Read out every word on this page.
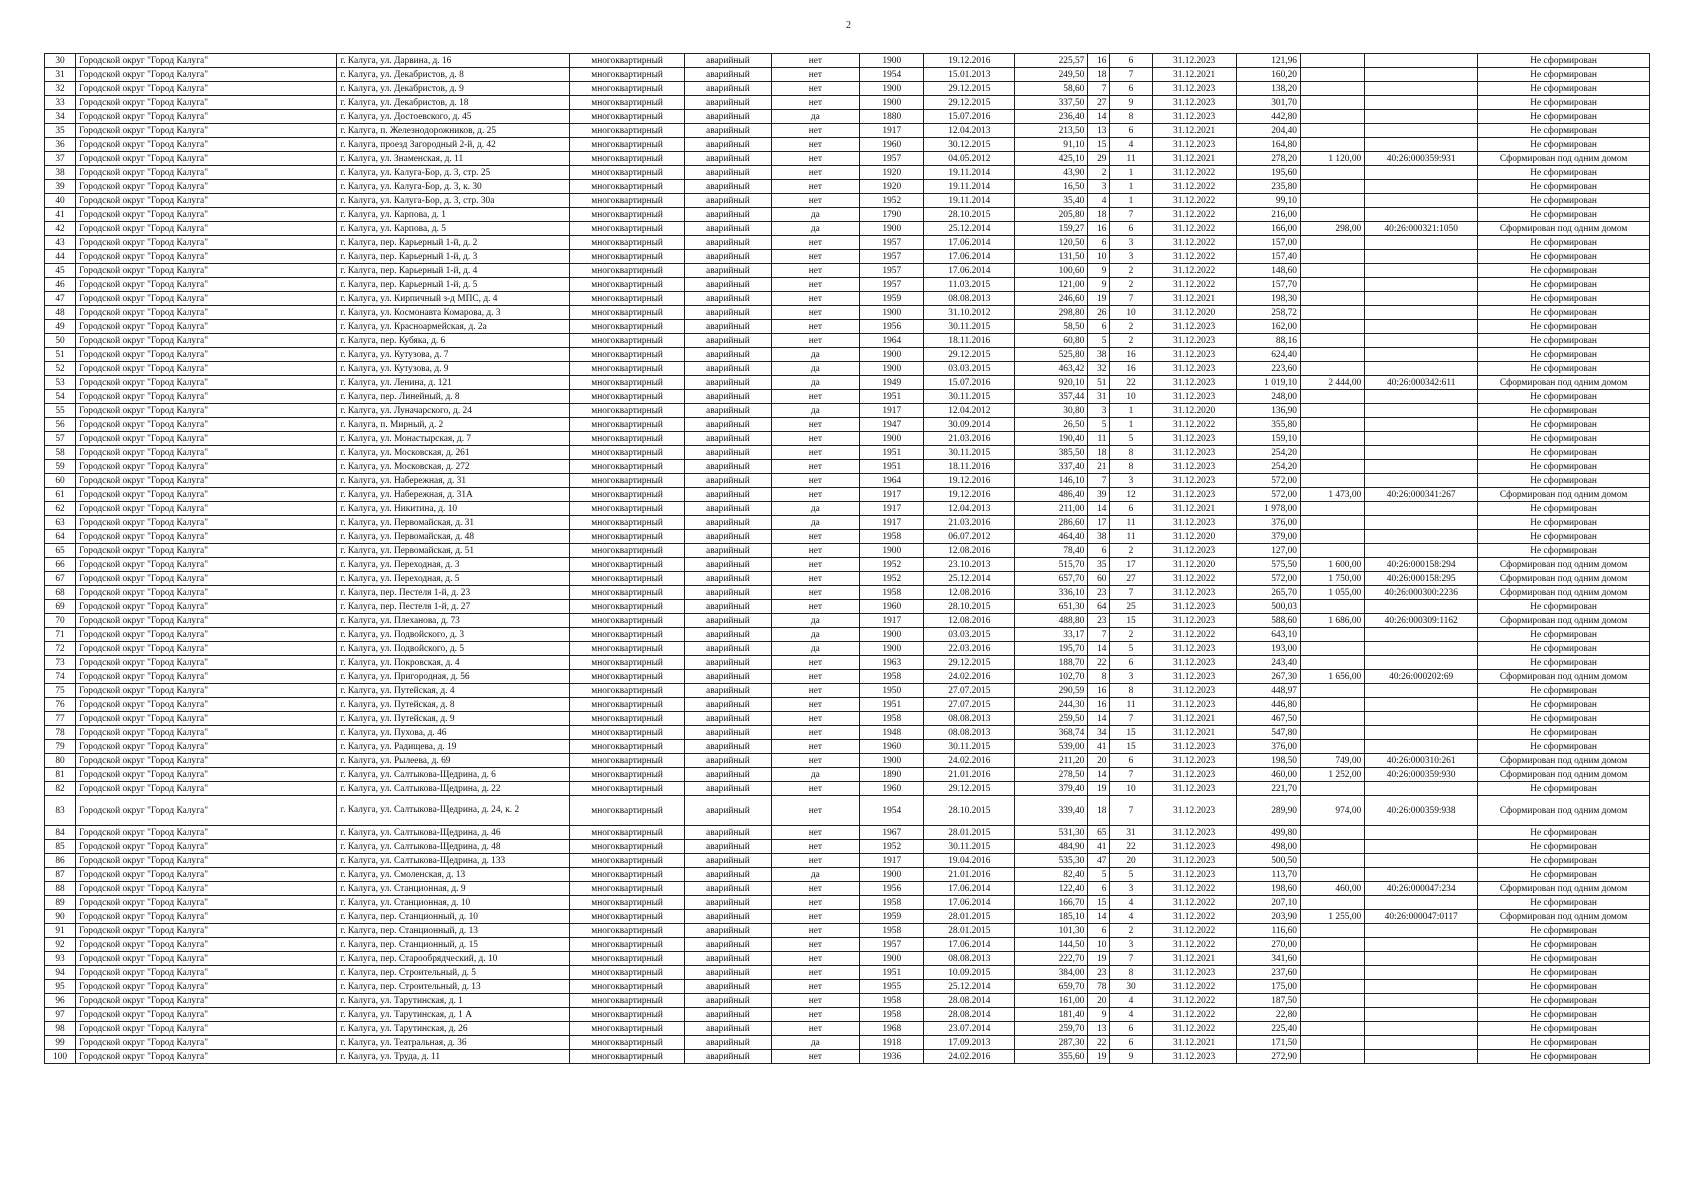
2
30	Городской округ "Город Калуга"	г. Калуга, ул. Дарвина, д. 16	многоквартирный	аварийный	нет	1900	19.12.2016	225,57	16	6	31.12.2023	121,96			Не сформирован
31	Городской округ "Город Калуга"	г. Калуга, ул. Декабристов, д. 8	многоквартирный	аварийный	нет	1954	15.01.2013	249,50	18	7	31.12.2021	160,20			Не сформирован
32	Городской округ "Город Калуга"	г. Калуга, ул. Декабристов, д. 9	многоквартирный	аварийный	нет	1900	29.12.2015	58,60	7	6	31.12.2023	138,20			Не сформирован
33	Городской округ "Город Калуга"	г. Калуга, ул. Декабристов, д. 18	многоквартирный	аварийный	нет	1900	29.12.2015	337,50	27	9	31.12.2023	301,70			Не сформирован
34	Городской округ "Город Калуга"	г. Калуга, ул. Достоевского, д. 45	многоквартирный	аварийный	да	1880	15.07.2016	236,40	14	8	31.12.2023	442,80			Не сформирован
35	Городской округ "Город Калуга"	г. Калуга, п. Железнодорожников, д. 25	многоквартирный	аварийный	нет	1917	12.04.2013	213,50	13	6	31.12.2021	204,40			Не сформирован
36	Городской округ "Город Калуга"	г. Калуга, проезд Загородный 2-й, д. 42	многоквартирный	аварийный	нет	1960	30.12.2015	91,10	15	4	31.12.2023	164,80			Не сформирован
37	Городской округ "Город Калуга"	г. Калуга, ул. Знаменская, д. 11	многоквартирный	аварийный	нет	1957	04.05.2012	425,10	29	11	31.12.2021	278,20	1 120,00	40:26:000359:931	Сформирован под одним домом
38	Городской округ "Город Калуга"	г. Калуга, ул. Калуга-Бор, д. 3, стр. 25	многоквартирный	аварийный	нет	1920	19.11.2014	43,90	2	1	31.12.2022	195,60			Не сформирован
39	Городской округ "Город Калуга"	г. Калуга, ул. Калуга-Бор, д. 3, к. 30	многоквартирный	аварийный	нет	1920	19.11.2014	16,50	3	1	31.12.2022	235,80			Не сформирован
40	Городской округ "Город Калуга"	г. Калуга, ул. Калуга-Бор, д. 3, стр. 30а	многоквартирный	аварийный	нет	1952	19.11.2014	35,40	4	1	31.12.2022	99,10			Не сформирован
41	Городской округ "Город Калуга"	г. Калуга, ул. Карпова, д. 1	многоквартирный	аварийный	да	1790	28.10.2015	205,80	18	7	31.12.2022	216,00			Не сформирован
42	Городской округ "Город Калуга"	г. Калуга, ул. Карпова, д. 5	многоквартирный	аварийный	да	1900	25.12.2014	159,27	16	6	31.12.2022	166,00	298,00	40:26:000321:1050	Сформирован под одним домом
43	Городской округ "Город Калуга"	г. Калуга, пер. Карьерный 1-й, д. 2	многоквартирный	аварийный	нет	1957	17.06.2014	120,50	6	3	31.12.2022	157,00			Не сформирован
44	Городской округ "Город Калуга"	г. Калуга, пер. Карьерный 1-й, д. 3	многоквартирный	аварийный	нет	1957	17.06.2014	131,50	10	3	31.12.2022	157,40			Не сформирован
45	Городской округ "Город Калуга"	г. Калуга, пер. Карьерный 1-й, д. 4	многоквартирный	аварийный	нет	1957	17.06.2014	100,60	9	2	31.12.2022	148,60			Не сформирован
46	Городской округ "Город Калуга"	г. Калуга, пер. Карьерный 1-й, д. 5	многоквартирный	аварийный	нет	1957	11.03.2015	121,00	9	2	31.12.2022	157,70			Не сформирован
47	Городской округ "Город Калуга"	г. Калуга, ул. Кирпичный з-д МПС, д. 4	многоквартирный	аварийный	нет	1959	08.08.2013	246,60	19	7	31.12.2021	198,30			Не сформирован
48	Городской округ "Город Калуга"	г. Калуга, ул. Космонавта Комарова, д. 3	многоквартирный	аварийный	нет	1900	31.10.2012	298,80	26	10	31.12.2020	258,72			Не сформирован
49	Городской округ "Город Калуга"	г. Калуга, ул. Красноармейская, д. 2а	многоквартирный	аварийный	нет	1956	30.11.2015	58,50	6	2	31.12.2023	162,00			Не сформирован
50	Городской округ "Город Калуга"	г. Калуга, пер. Кубяка, д. 6	многоквартирный	аварийный	нет	1964	18.11.2016	60,80	5	2	31.12.2023	88,16			Не сформирован
51	Городской округ "Город Калуга"	г. Калуга, ул. Кутузова, д. 7	многоквартирный	аварийный	да	1900	29.12.2015	525,80	38	16	31.12.2023	624,40			Не сформирован
52	Городской округ "Город Калуга"	г. Калуга, ул. Кутузова, д. 9	многоквартирный	аварийный	да	1900	03.03.2015	463,42	32	16	31.12.2023	223,60			Не сформирован
53	Городской округ "Город Калуга"	г. Калуга, ул. Ленина, д. 121	многоквартирный	аварийный	да	1949	15.07.2016	920,10	51	22	31.12.2023	1 019,10	2 444,00	40:26:000342:611	Сформирован под одним домом
54	Городской округ "Город Калуга"	г. Калуга, пер. Линейный, д. 8	многоквартирный	аварийный	нет	1951	30.11.2015	357,44	31	10	31.12.2023	248,00			Не сформирован
55	Городской округ "Город Калуга"	г. Калуга, ул. Луначарского, д. 24	многоквартирный	аварийный	да	1917	12.04.2012	30,80	3	1	31.12.2020	136,90			Не сформирован
56	Городской округ "Город Калуга"	г. Калуга, п. Мирный, д. 2	многоквартирный	аварийный	нет	1947	30.09.2014	26,50	5	1	31.12.2022	355,80			Не сформирован
57	Городской округ "Город Калуга"	г. Калуга, ул. Монастырская, д. 7	многоквартирный	аварийный	нет	1900	21.03.2016	190,40	11	5	31.12.2023	159,10			Не сформирован
58	Городской округ "Город Калуга"	г. Калуга, ул. Московская, д. 261	многоквартирный	аварийный	нет	1951	30.11.2015	385,50	18	8	31.12.2023	254,20			Не сформирован
59	Городской округ "Город Калуга"	г. Калуга, ул. Московская, д. 272	многоквартирный	аварийный	нет	1951	18.11.2016	337,40	21	8	31.12.2023	254,20			Не сформирован
60	Городской округ "Город Калуга"	г. Калуга, ул. Набережная, д. 31	многоквартирный	аварийный	нет	1964	19.12.2016	146,10	7	3	31.12.2023	572,00			Не сформирован
61	Городской округ "Город Калуга"	г. Калуга, ул. Набережная, д. 31А	многоквартирный	аварийный	нет	1917	19.12.2016	486,40	39	12	31.12.2023	572,00	1 473,00	40:26:000341:267	Сформирован под одним домом
62	Городской округ "Город Калуга"	г. Калуга, ул. Никитина, д. 10	многоквартирный	аварийный	да	1917	12.04.2013	211,00	14	6	31.12.2021	1 978,00			Не сформирован
63	Городской округ "Город Калуга"	г. Калуга, ул. Первомайская, д. 31	многоквартирный	аварийный	да	1917	21.03.2016	286,60	17	11	31.12.2023	376,00			Не сформирован
64	Городской округ "Город Калуга"	г. Калуга, ул. Первомайская, д. 48	многоквартирный	аварийный	нет	1958	06.07.2012	464,40	38	11	31.12.2020	379,00			Не сформирован
65	Городской округ "Город Калуга"	г. Калуга, ул. Первомайская, д. 51	многоквартирный	аварийный	нет	1900	12.08.2016	78,40	6	2	31.12.2023	127,00			Не сформирован
66	Городской округ "Город Калуга"	г. Калуга, ул. Переходная, д. 3	многоквартирный	аварийный	нет	1952	23.10.2013	515,70	35	17	31.12.2020	575,50	1 600,00	40:26:000158:294	Сформирован под одним домом
67	Городской округ "Город Калуга"	г. Калуга, ул. Переходная, д. 5	многоквартирный	аварийный	нет	1952	25.12.2014	657,70	60	27	31.12.2022	572,00	1 750,00	40:26:000158:295	Сформирован под одним домом
68	Городской округ "Город Калуга"	г. Калуга, пер. Пестеля 1-й, д. 23	многоквартирный	аварийный	нет	1958	12.08.2016	336,10	23	7	31.12.2023	265,70	1 055,00	40:26:000300:2236	Сформирован под одним домом
69	Городской округ "Город Калуга"	г. Калуга, пер. Пестеля 1-й, д. 27	многоквартирный	аварийный	нет	1960	28.10.2015	651,30	64	25	31.12.2023	500,03			Не сформирован
70	Городской округ "Город Калуга"	г. Калуга, ул. Плеханова, д. 73	многоквартирный	аварийный	да	1917	12.08.2016	488,80	23	15	31.12.2023	588,60	1 686,00	40:26:000309:1162	Сформирован под одним домом
71	Городской округ "Город Калуга"	г. Калуга, ул. Подвойского, д. 3	многоквартирный	аварийный	да	1900	03.03.2015	33,17	7	2	31.12.2022	643,10			Не сформирован
72	Городской округ "Город Калуга"	г. Калуга, ул. Подвойского, д. 5	многоквартирный	аварийный	да	1900	22.03.2016	195,70	14	5	31.12.2023	193,00			Не сформирован
73	Городской округ "Город Калуга"	г. Калуга, ул. Покровская, д. 4	многоквартирный	аварийный	нет	1963	29.12.2015	188,70	22	6	31.12.2023	243,40			Не сформирован
74	Городской округ "Город Калуга"	г. Калуга, ул. Пригородная, д. 56	многоквартирный	аварийный	нет	1958	24.02.2016	102,70	8	3	31.12.2023	267,30	1 656,00	40:26:000202:69	Сформирован под одним домом
75	Городской округ "Город Калуга"	г. Калуга, ул. Путейская, д. 4	многоквартирный	аварийный	нет	1950	27.07.2015	290,59	16	8	31.12.2023	448,97			Не сформирован
76	Городской округ "Город Калуга"	г. Калуга, ул. Путейская, д. 8	многоквартирный	аварийный	нет	1951	27.07.2015	244,30	16	11	31.12.2023	446,80			Не сформирован
77	Городской округ "Город Калуга"	г. Калуга, ул. Путейская, д. 9	многоквартирный	аварийный	нет	1958	08.08.2013	259,50	14	7	31.12.2021	467,50			Не сформирован
78	Городской округ "Город Калуга"	г. Калуга, ул. Пухова, д. 46	многоквартирный	аварийный	нет	1948	08.08.2013	368,74	34	15	31.12.2021	547,80			Не сформирован
79	Городской округ "Город Калуга"	г. Калуга, ул. Радищева, д. 19	многоквартирный	аварийный	нет	1960	30.11.2015	539,00	41	15	31.12.2023	376,00			Не сформирован
80	Городской округ "Город Калуга"	г. Калуга, ул. Рылеева, д. 69	многоквартирный	аварийный	нет	1900	24.02.2016	211,20	20	6	31.12.2023	198,50	749,00	40:26:000310:261	Сформирован под одним домом
81	Городской округ "Город Калуга"	г. Калуга, ул. Салтыкова-Щедрина, д. 6	многоквартирный	аварийный	да	1890	21.01.2016	278,50	14	7	31.12.2023	460,00	1 252,00	40:26:000359:930	Сформирован под одним домом
82	Городской округ "Город Калуга"	г. Калуга, ул. Салтыкова-Щедрина, д. 22	многоквартирный	аварийный	нет	1960	29.12.2015	379,40	19	10	31.12.2023	221,70			Не сформирован
83	Городской округ "Город Калуга"	г. Калуга, ул. Салтыкова-Щедрина, д. 24, к. 2	многоквартирный	аварийный	нет	1954	28.10.2015	339,40	18	7	31.12.2023	289,90	974,00	40:26:000359:938	Сформирован под одним домом
84	Городской округ "Город Калуга"	г. Калуга, ул. Салтыкова-Щедрина, д. 46	многоквартирный	аварийный	нет	1967	28.01.2015	531,30	65	31	31.12.2023	499,80			Не сформирован
85	Городской округ "Город Калуга"	г. Калуга, ул. Салтыкова-Щедрина, д. 48	многоквартирный	аварийный	нет	1952	30.11.2015	484,90	41	22	31.12.2023	498,00			Не сформирован
86	Городской округ "Город Калуга"	г. Калуга, ул. Салтыкова-Щедрина, д. 133	многоквартирный	аварийный	нет	1917	19.04.2016	535,30	47	20	31.12.2023	500,50			Не сформирован
87	Городской округ "Город Калуга"	г. Калуга, ул. Смоленская, д. 13	многоквартирный	аварийный	да	1900	21.01.2016	82,40	5	5	31.12.2023	113,70			Не сформирован
88	Городской округ "Город Калуга"	г. Калуга, ул. Станционная, д. 9	многоквартирный	аварийный	нет	1956	17.06.2014	122,40	6	3	31.12.2022	198,60	460,00	40:26:000047:234	Сформирован под одним домом
89	Городской округ "Город Калуга"	г. Калуга, ул. Станционная, д. 10	многоквартирный	аварийный	нет	1958	17.06.2014	166,70	15	4	31.12.2022	207,10			Не сформирован
90	Городской округ "Город Калуга"	г. Калуга, пер. Станционный, д. 10	многоквартирный	аварийный	нет	1959	28.01.2015	185,10	14	4	31.12.2022	203,90	1 255,00	40:26:000047:0117	Сформирован под одним домом
91	Городской округ "Город Калуга"	г. Калуга, пер. Станционный, д. 13	многоквартирный	аварийный	нет	1958	28.01.2015	101,30	6	2	31.12.2022	116,60			Не сформирован
92	Городской округ "Город Калуга"	г. Калуга, пер. Станционный, д. 15	многоквартирный	аварийный	нет	1957	17.06.2014	144,50	10	3	31.12.2022	270,00			Не сформирован
93	Городской округ "Город Калуга"	г. Калуга, пер. Старообрядческий, д. 10	многоквартирный	аварийный	нет	1900	08.08.2013	222,70	19	7	31.12.2021	341,60			Не сформирован
94	Городской округ "Город Калуга"	г. Калуга, пер. Строительный, д. 5	многоквартирный	аварийный	нет	1951	10.09.2015	384,00	23	8	31.12.2023	237,60			Не сформирован
95	Городской округ "Город Калуга"	г. Калуга, пер. Строительный, д. 13	многоквартирный	аварийный	нет	1955	25.12.2014	659,70	78	30	31.12.2022	175,00			Не сформирован
96	Городской округ "Город Калуга"	г. Калуга, ул. Тарутинская, д. 1	многоквартирный	аварийный	нет	1958	28.08.2014	161,00	20	4	31.12.2022	187,50			Не сформирован
97	Городской округ "Город Калуга"	г. Калуга, ул. Тарутинская, д. 1 А	многоквартирный	аварийный	нет	1958	28.08.2014	181,40	9	4	31.12.2022	22,80			Не сформирован
98	Городской округ "Город Калуга"	г. Калуга, ул. Тарутинская, д. 26	многоквартирный	аварийный	нет	1968	23.07.2014	259,70	13	6	31.12.2022	225,40			Не сформирован
99	Городской округ "Город Калуга"	г. Калуга, ул. Театральная, д. 36	многоквартирный	аварийный	да	1918	17.09.2013	287,30	22	6	31.12.2021	171,50			Не сформирован
100	Городской округ "Город Калуга"	г. Калуга, ул. Труда, д. 11	многоквартирный	аварийный	нет	1936	24.02.2016	355,60	19	9	31.12.2023	272,90			Не сформирован
